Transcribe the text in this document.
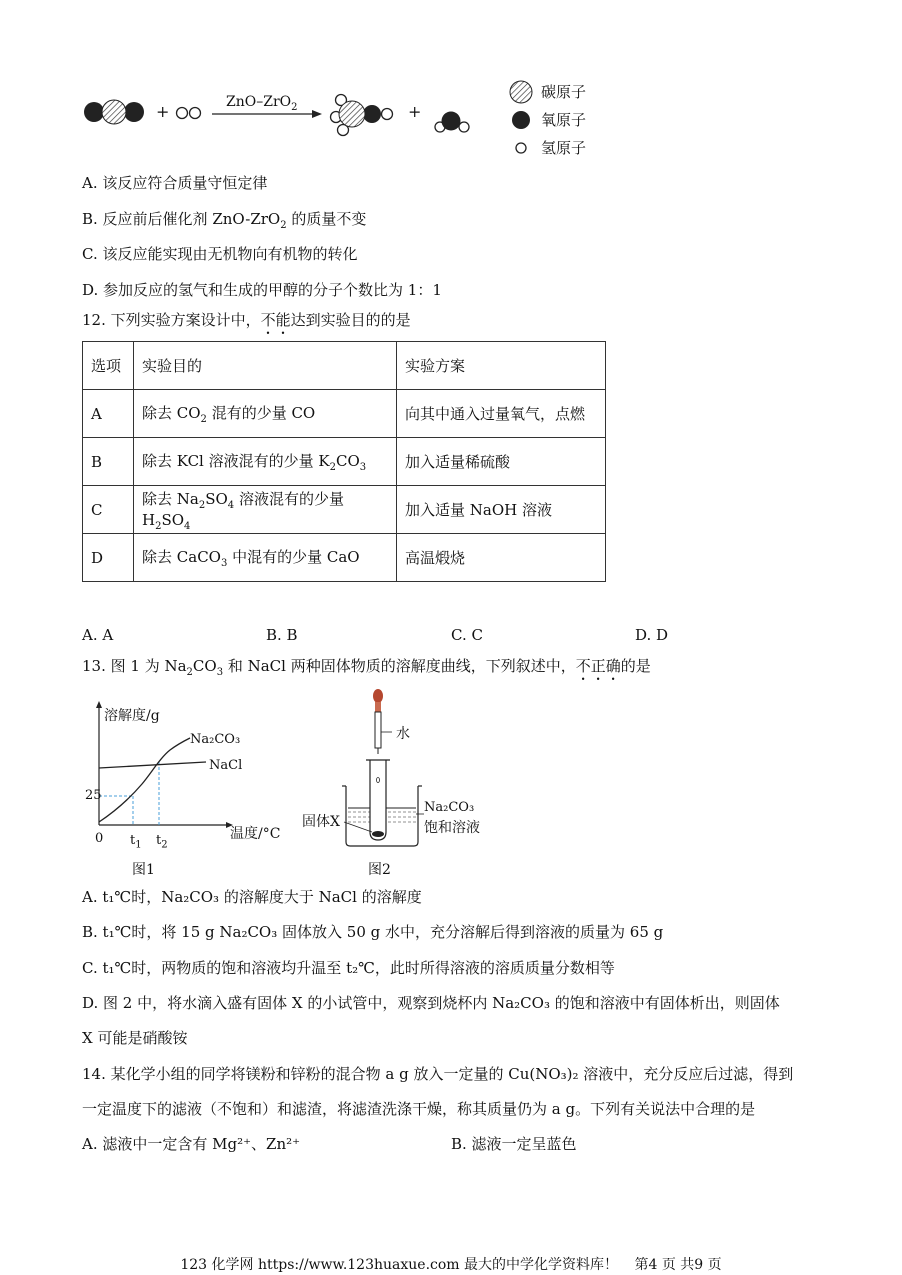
+	+
ZnO–ZrO$_2$
碳原子
氧原子
氢原子
A. 该反应符合质量守恒定律
B. 反应前后催化剂 ZnO-ZrO$_2$ 的质量不变
C. 该反应能实现由无机物向有机物的转化
D. 参加反应的氢气和生成的甲醇的分子个数比为 1：1
12. 下列实验方案设计中，不能达到实验目的的是
选项	实验目的	实验方案
A	除去 $CO_2$ 混有的少量 CO	向其中通入过量氧气，点燃
B	除去 KCl 溶液混有的少量 $K_2CO_3$	加入适量稀硫酸
C	除去 $Na_2SO_4$ 溶液混有的少量 $H_2SO_4$	加入适量 NaOH 溶液
D	除去 CaCO$_3$ 中混有的少量 CaO	高温煅烧
A. A	B. B	C. C	D. D
13. 图 1 为 $Na_2CO_3$ 和 NaCl 两种固体物质的溶解度曲线，下列叙述中，不正确的是
溶解度/g
Na₂CO₃
NaCl
25
0 $t_1$ $t_2$
温度/°C
图1
水
固体X
Na₂CO₃
饱和溶液
图2
A. t₁℃时，Na₂CO₃ 的溶解度大于 NaCl 的溶解度
B. t₁℃时，将 15 g Na₂CO₃ 固体放入 50 g 水中，充分溶解后得到溶液的质量为 65 g
C. t₁℃时，两物质的饱和溶液均升温至 t₂℃，此时所得溶液的溶质质量分数相等
D. 图 2 中，将水滴入盛有固体 X 的小试管中，观察到烧杯内 Na₂CO₃ 的饱和溶液中有固体析出，则固体
X 可能是硝酸铵
14. 某化学小组的同学将镁粉和锌粉的混合物 a g 放入一定量的 Cu(NO₃)₂ 溶液中，充分反应后过滤，得到
一定温度下的滤液（不饱和）和滤渣，将滤渣洗涤干燥，称其质量仍为 a g。下列有关说法中合理的是
A. 滤液中一定含有 Mg²⁺、Zn²⁺	B. 滤液一定呈蓝色
123 化学网 https://www.123huaxue.com 最大的中学化学资料库！ 第4 页 共9 页
